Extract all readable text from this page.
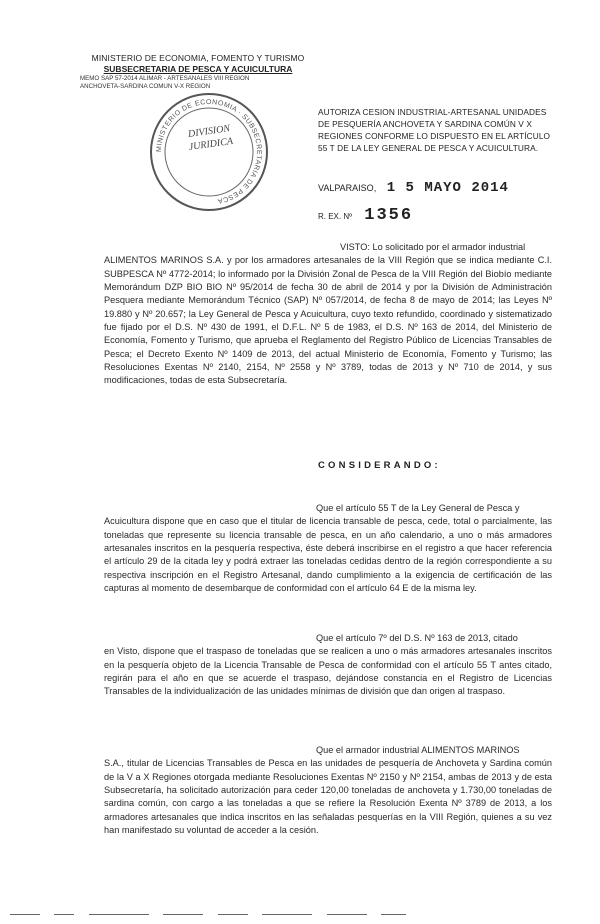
MINISTERIO DE ECONOMIA, FOMENTO Y TURISMO
SUBSECRETARIA DE PESCA Y ACUICULTURA
MEMO SAP 57-2014 ALIMAR - ARTESANALES VIII REGION
ANCHOVETA-SARDINA COMUN V-X REGION
MINISTERIO DE ECONOMIA · SUBSECRETARIA DE PESCA
DIVISION
JURIDICA
AUTORIZA CESION INDUSTRIAL-ARTESANAL UNIDADES DE PESQUERÍA ANCHOVETA Y SARDINA COMÚN V X REGIONES CONFORME LO DISPUESTO EN EL ARTÍCULO 55 T DE LA LEY GENERAL DE PESCA Y ACUICULTURA.
VALPARAISO, 1 5 MAYO 2014
R. EX. Nº 1356
VISTO: Lo solicitado por el armador industrial
ALIMENTOS MARINOS S.A. y por los armadores artesanales de la VIII Región que se indica mediante C.I. SUBPESCA Nº 4772-2014; lo informado por la División Zonal de Pesca de la VIII Región del Biobío mediante Memorándum DZP BIO BIO Nº 95/2014 de fecha 30 de abril de 2014 y por la División de Administración Pesquera mediante Memorándum Técnico (SAP) Nº 057/2014, de fecha 8 de mayo de 2014; las Leyes Nº 19.880 y Nº 20.657; la Ley General de Pesca y Acuicultura, cuyo texto refundido, coordinado y sistematizado fue fijado por el D.S. Nº 430 de 1991, el D.F.L. Nº 5 de 1983, el D.S. Nº 163 de 2014, del Ministerio de Economía, Fomento y Turismo, que aprueba el Reglamento del Registro Público de Licencias Transables de Pesca; el Decreto Exento Nº 1409 de 2013, del actual Ministerio de Economía, Fomento y Turismo; las Resoluciones Exentas Nº 2140, 2154, Nº 2558 y Nº 3789, todas de 2013 y Nº 710 de 2014, y sus modificaciones, todas de esta Subsecretaría.
CONSIDERANDO:
Que el artículo 55 T de la Ley General de Pesca y
Acuicultura dispone que en caso que el titular de licencia transable de pesca, cede, total o parcialmente, las toneladas que represente su licencia transable de pesca, en un año calendario, a uno o más armadores artesanales inscritos en la pesquería respectiva, éste deberá inscribirse en el registro a que hacer referencia el artículo 29 de la citada ley y podrá extraer las toneladas cedidas dentro de la región correspondiente a su respectiva inscripción en el Registro Artesanal, dando cumplimiento a la exigencia de certificación de las capturas al momento de desembarque de conformidad con el artículo 64 E de la misma ley.
Que el artículo 7º del D.S. Nº 163 de 2013, citado
en Visto, dispone que el traspaso de toneladas que se realicen a uno o más armadores artesanales inscritos en la pesquería objeto de la Licencia Transable de Pesca de conformidad con el artículo 55 T antes citado, regirán para el año en que se acuerde el traspaso, dejándose constancia en el Registro de Licencias Transables de la individualización de las unidades mínimas de división que dan origen al traspaso.
Que el armador industrial ALIMENTOS MARINOS
S.A., titular de Licencias Transables de Pesca en las unidades de pesquería de Anchoveta y Sardina común de la V a X Regiones otorgada mediante Resoluciones Exentas Nº 2150 y Nº 2154, ambas de 2013 y de esta Subsecretaría, ha solicitado autorización para ceder 120,00 toneladas de anchoveta y 1.730,00 toneladas de sardina común, con cargo a las toneladas a que se refiere la Resolución Exenta Nº 3789 de 2013, a los armadores artesanales que indica inscritos en las señaladas pesquerías en la VIII Región, quienes a su vez han manifestado su voluntad de acceder a la cesión.
